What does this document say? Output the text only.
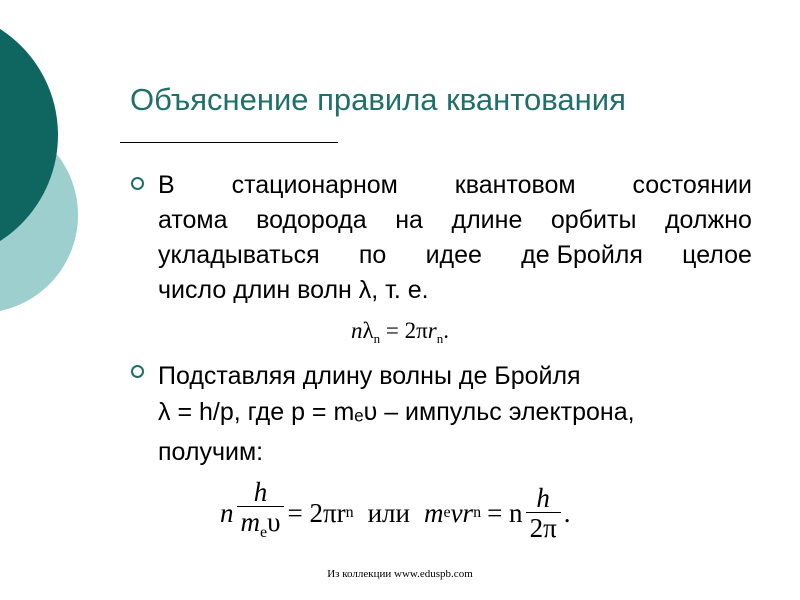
Объяснение правила квантования
В стационарном квантовом состоянии
атома водорода на длине орбиты должно
укладываться по идее де Бройля целое
число длин волн λ, т. е.
$n\lambda_n = 2\pi r_n$.
Подставляя длину волны де Бройля
λ = h/p, где p = mₑυ – импульс электрона,
получим:
n $\frac{h}{m_e\upsilon} = 2\pi r$ n или m e vr n = n $\frac{h}{2\pi}$ .
Из коллекции www.eduspb.com
